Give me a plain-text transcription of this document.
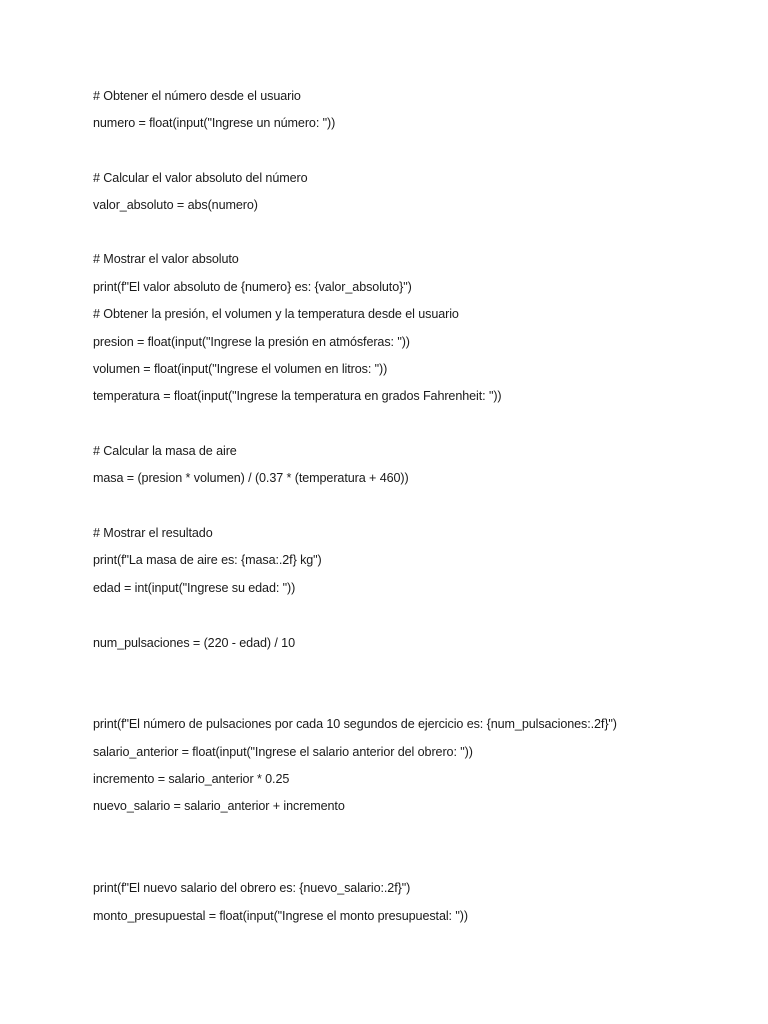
# Obtener el número desde el usuario
numero = float(input("Ingrese un número: "))
# Calcular el valor absoluto del número
valor_absoluto = abs(numero)
# Mostrar el valor absoluto
print(f"El valor absoluto de {numero} es: {valor_absoluto}")
# Obtener la presión, el volumen y la temperatura desde el usuario
presion = float(input("Ingrese la presión en atmósferas: "))
volumen = float(input("Ingrese el volumen en litros: "))
temperatura = float(input("Ingrese la temperatura en grados Fahrenheit: "))
# Calcular la masa de aire
masa = (presion * volumen) / (0.37 * (temperatura + 460))
# Mostrar el resultado
print(f"La masa de aire es: {masa:.2f} kg")
edad = int(input("Ingrese su edad: "))
num_pulsaciones = (220 - edad) / 10
print(f"El número de pulsaciones por cada 10 segundos de ejercicio es: {num_pulsaciones:.2f}")
salario_anterior = float(input("Ingrese el salario anterior del obrero: "))
incremento = salario_anterior * 0.25
nuevo_salario = salario_anterior + incremento
print(f"El nuevo salario del obrero es: {nuevo_salario:.2f}")
monto_presupuestal = float(input("Ingrese el monto presupuestal: "))
